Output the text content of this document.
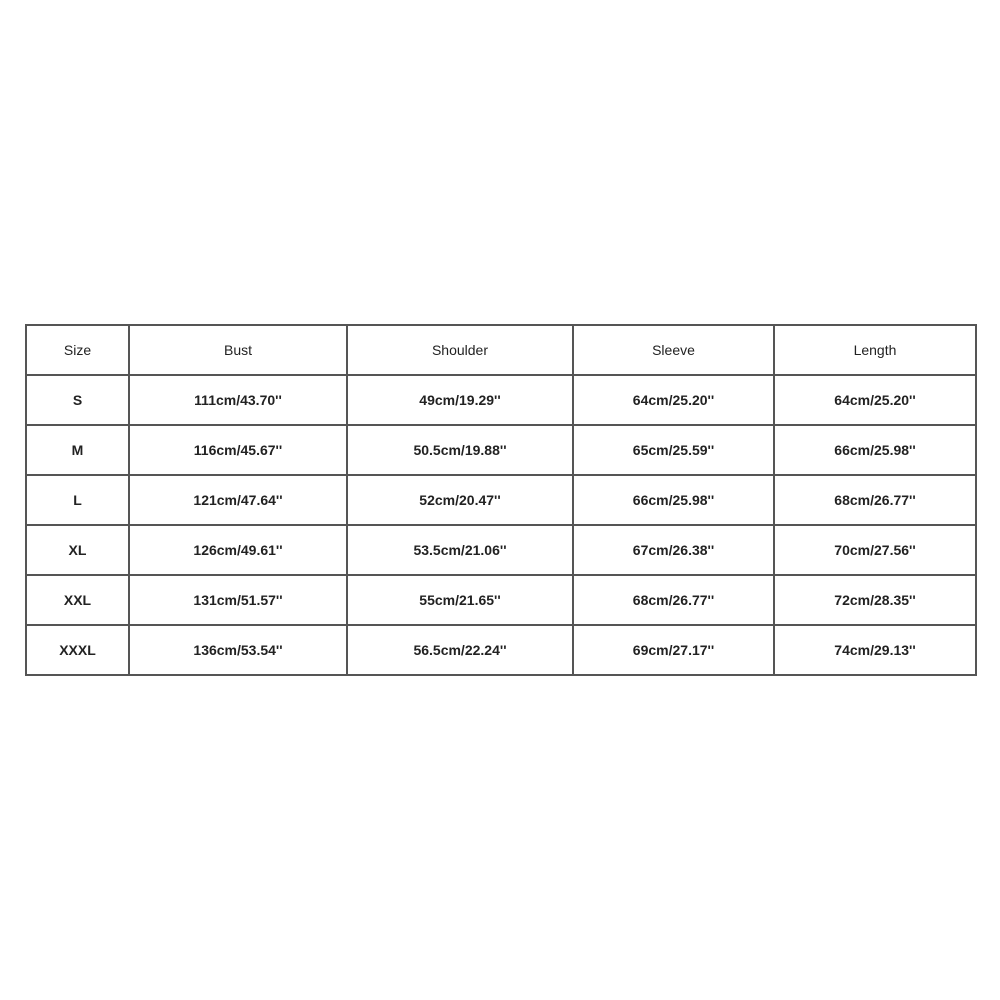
Size	Bust	Shoulder	Sleeve	Length
S	111cm/43.70''	49cm/19.29''	64cm/25.20''	64cm/25.20''
M	116cm/45.67''	50.5cm/19.88''	65cm/25.59''	66cm/25.98''
L	121cm/47.64''	52cm/20.47''	66cm/25.98''	68cm/26.77''
XL	126cm/49.61''	53.5cm/21.06''	67cm/26.38''	70cm/27.56''
XXL	131cm/51.57''	55cm/21.65''	68cm/26.77''	72cm/28.35''
XXXL	136cm/53.54''	56.5cm/22.24''	69cm/27.17''	74cm/29.13''
